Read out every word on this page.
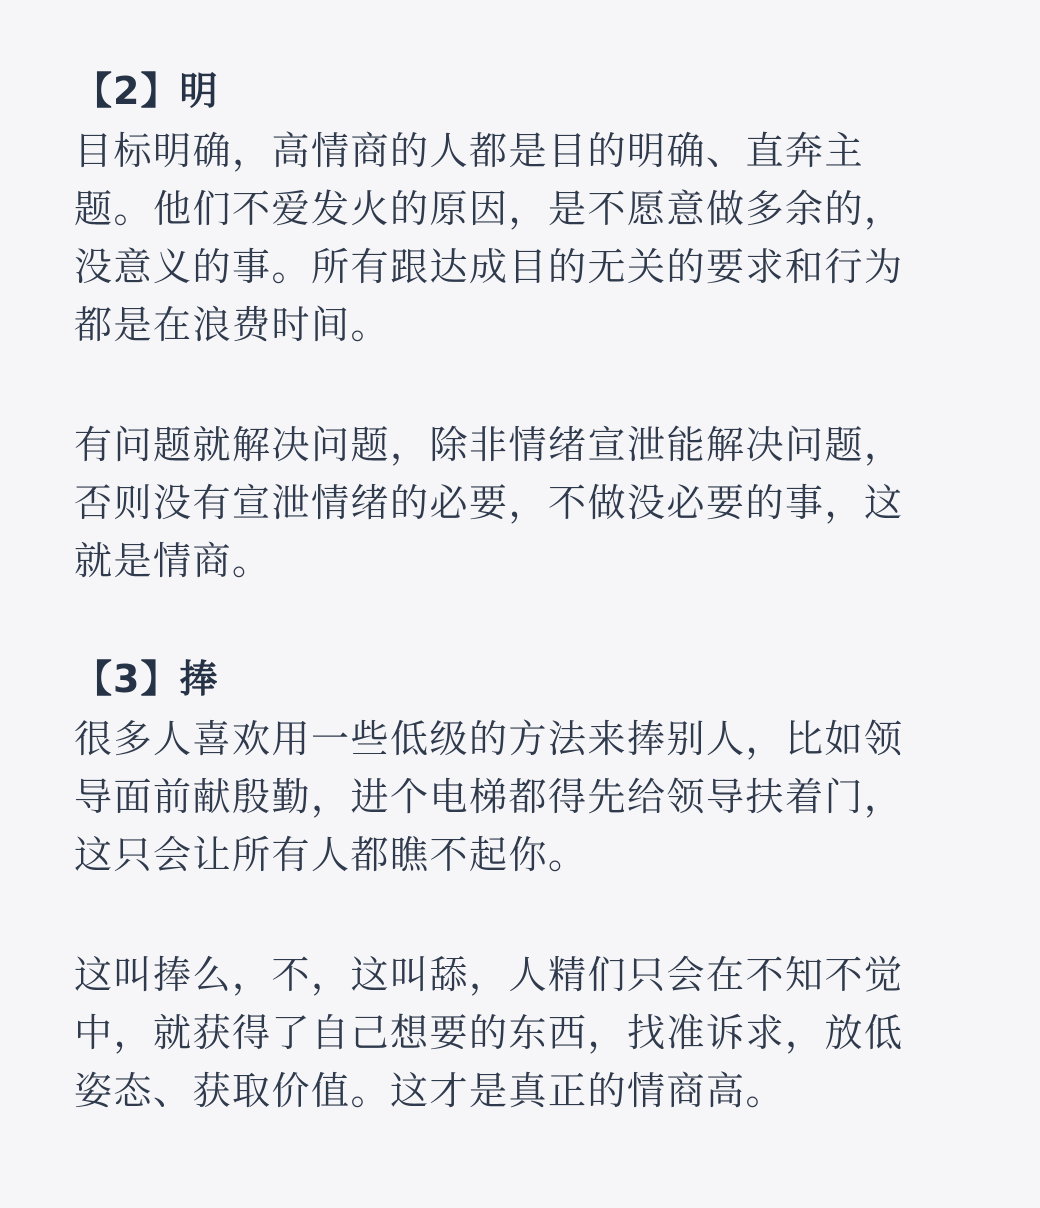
【2】明

目标明确，高情商的人都是目的明确、直奔主题。他们不爱发火的原因，是不愿意做多余的，没意义的事。所有跟达成目的无关的要求和行为都是在浪费时间。

有问题就解决问题，除非情绪宣泄能解决问题，否则没有宣泄情绪的必要，不做没必要的事，这就是情商。

【3】捧

很多人喜欢用一些低级的方法来捧别人，比如领导面前献殷勤，进个电梯都得先给领导扶着门，这只会让所有人都瞧不起你。

这叫捧么，不，这叫舔，人精们只会在不知不觉中，就获得了自己想要的东西，找准诉求，放低姿态、获取价值。这才是真正的情商高。
